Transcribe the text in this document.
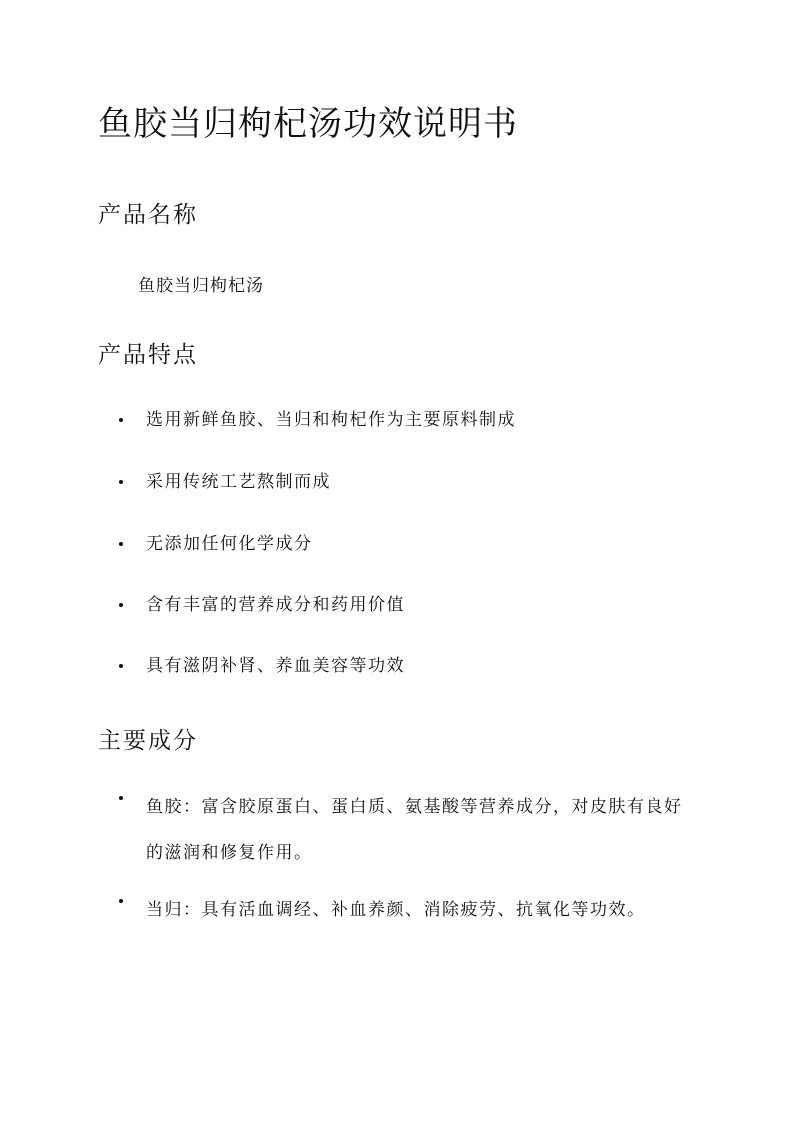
鱼胶当归枸杞汤功效说明书
产品名称

鱼胶当归枸杞汤

产品特点
选用新鲜鱼胶、当归和枸杞作为主要原料制成
采用传统工艺熬制而成
无添加任何化学成分
含有丰富的营养成分和药用价值
具有滋阴补肾、养血美容等功效
主要成分
鱼胶：富含胶原蛋白、蛋白质、氨基酸等营养成分，对皮肤有良好的滋润和修复作用。
当归：具有活血调经、补血养颜、消除疲劳、抗氧化等功效。
